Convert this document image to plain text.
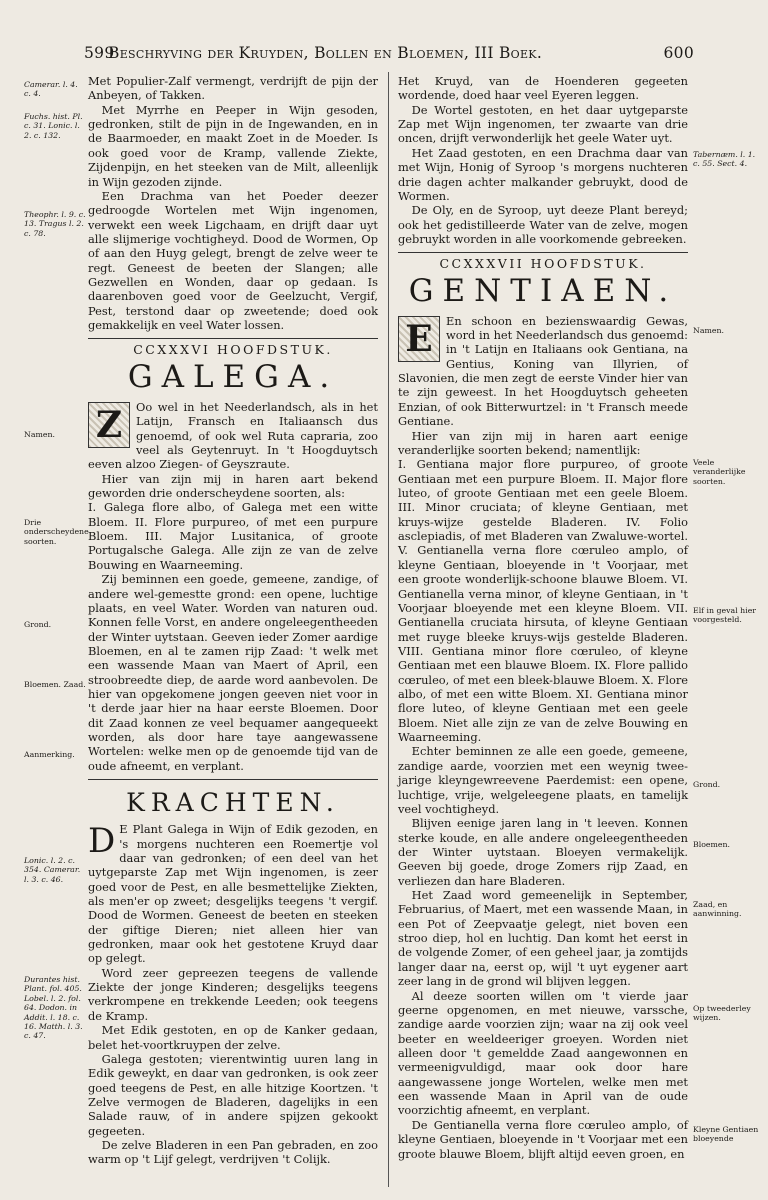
599
Beschryving der Kruyden, Bollen en Bloemen, III Boek.	600

Met Populier-Zalf vermengt, verdrijft de pijn der Anbeyen, of Takken.

Met Myrrhe en Peeper in Wijn gesoden, gedronken, stilt de pijn in de Ingewanden, en in de Baarmoeder, en maakt Zoet in de Moeder. Is ook goed voor de Kramp, vallende Ziekte, Zijdenpijn, en het steeken van de Milt, alleenlijk in Wijn gezoden zijnde.

Een Drachma van het Poeder deezer gedroogde Wortelen met Wijn ingenomen, verwekt een week Ligchaam, en drijft daar uyt alle slijmerige vochtigheyd. Dood de Wormen, Op of aan den Huyg gelegt, brengt de zelve weer te regt. Geneest de beeten der Slangen; alle Gezwellen en Wonden, daar op gedaan. Is daarenboven goed voor de Geelzucht, Vergif, Pest, terstond daar op zweetende; doed ook gemakkelijk en veel Water lossen.

CCXXXVI HOOFDSTUK.
GALEGA.

Z	Oo wel in het Neederlandsch, als in het Latijn, Fransch en Italiaansch dus genoemd, of ook wel Ruta capraria, zoo veel als Geytenruyt. In 't Hoogduytsch eeven alzoo Ziegen- of Geyszraute.

Hier van zijn mij in haren aart bekend geworden drie onderscheydene soorten, als:

I. Galega flore albo, of Galega met een witte Bloem. II. Flore purpureo, of met een purpure Bloem. III. Major Lusitanica, of groote Portugalsche Galega. Alle zijn ze van de zelve Bouwing en Waarneeming.

Zij beminnen een goede, gemeene, zandige, of andere wel-gemestte grond: een opene, luchtige plaats, en veel Water. Worden van naturen oud. Konnen felle Vorst, en andere ongeleegentheeden der Winter uytstaan. Geeven ieder Zomer aardige Bloemen, en al te zamen rijp Zaad: 't welk met een wassende Maan van Maert of April, een stroobreedte diep, de aarde word aanbevolen. De hier van opgekomene jongen geeven niet voor in 't derde jaar hier na haar eerste Bloemen. Door dit Zaad konnen ze veel bequamer aangequeekt worden, als door hare taye aangewassene Wortelen: welke men op de genoemde tijd van de oude afneemt, en verplant.

KRACHTEN.

D E Plant Galega in Wijn of Edik gezoden, en 's morgens nuchteren een Roemertje vol daar van gedronken; of een deel van het uytgeparste Zap met Wijn ingenomen, is zeer goed voor de Pest, en alle besmettelijke Ziekten, als men'er op zweet; desgelijks teegens 't vergif. Dood de Wormen. Geneest de beeten en steeken der giftige Dieren; niet alleen hier van gedronken, maar ook het gestotene Kruyd daar op gelegt.

Word zeer gepreezen teegens de vallende Ziekte der jonge Kinderen; desgelijks teegens verkrompene en trekkende Leeden; ook teegens de Kramp.

Met Edik gestoten, en op de Kanker gedaan, belet het-voortkruypen der zelve.

Galega gestoten; vierentwintig uuren lang in Edik geweykt, en daar van gedronken, is ook zeer goed teegens de Pest, en alle hitzige Koortzen. 't Zelve vermogen de Bladeren, dagelijks in een Salade rauw, of in andere spijzen gekookt gegeeten.

De zelve Bladeren in een Pan gebraden, en zoo warm op 't Lijf gelegt, verdrijven 't Colijk.

Het Kruyd, van de Hoenderen gegeeten wordende, doed haar veel Eyeren leggen.

De Wortel gestoten, en het daar uytgeparste Zap met Wijn ingenomen, ter zwaarte van drie oncen, drijft verwonderlijk het geele Water uyt.

Het Zaad gestoten, en een Drachma daar van met Wijn, Honig of Syroop 's morgens nuchteren drie dagen achter malkander gebruykt, dood de Wormen.

De Oly, en de Syroop, uyt deeze Plant bereyd; ook het gedistilleerde Water van de zelve, mogen gebruykt worden in alle voorkomende gebreeken.

CCXXXVII HOOFDSTUK.
GENTIAEN.

E	En schoon en bezienswaardig Gewas, word in het Neederlandsch dus genoemd: in 't Latijn en Italiaans ook Gentiana, na Gentius, Koning van Illyrien, of Slavonien, die men zegt de eerste Vinder hier van te zijn geweest. In het Hoogduytsch geheeten Enzian, of ook Bitterwurtzel: in 't Fransch meede Gentiane.

Hier van zijn mij in haren aart eenige veranderlijke soorten bekend; namentlijk:

I. Gentiana major flore purpureo, of groote Gentiaan met een purpure Bloem. II. Major flore luteo, of groote Gentiaan met een geele Bloem. III. Minor cruciata; of kleyne Gentiaan, met kruys-wijze gestelde Bladeren. IV. Folio asclepiadis, of met Bladeren van Zwaluwe-wortel. V. Gentianella verna flore cœruleo amplo, of kleyne Gentiaan, bloeyende in 't Voorjaar, met een groote wonderlijk-schoone blauwe Bloem. VI. Gentianella verna minor, of kleyne Gentiaan, in 't Voorjaar bloeyende met een kleyne Bloem. VII. Gentianella cruciata hirsuta, of kleyne Gentiaan met ruyge bleeke kruys-wijs gestelde Bladeren. VIII. Gentiana minor flore cœruleo, of kleyne Gentiaan met een blauwe Bloem. IX. Flore pallido cœruleo, of met een bleek-blauwe Bloem. X. Flore albo, of met een witte Bloem. XI. Gentiana minor flore luteo, of kleyne Gentiaan met een geele Bloem. Niet alle zijn ze van de zelve Bouwing en Waarneeming.

Echter beminnen ze alle een goede, gemeene, zandige aarde, voorzien met een weynig twee-jarige kleyngewreevene Paerdemist: een opene, luchtige, vrije, welgeleegene plaats, en tamelijk veel vochtigheyd.

Blijven eenige jaren lang in 't leeven. Konnen sterke koude, en alle andere ongeleegentheeden der Winter uytstaan. Bloeyen vermakelijk. Geeven bij goede, droge Zomers rijp Zaad, en verliezen dan hare Bladeren.

Het Zaad word gemeenelijk in September, Februarius, of Maert, met een wassende Maan, in een Pot of Zeepvaatje gelegt, niet boven een stroo diep, hol en luchtig. Dan komt het eerst in de volgende Zomer, of een geheel jaar, ja zomtijds langer daar na, eerst op, wijl 't uyt eygener aart zeer lang in de grond wil blijven leggen.

Al deeze soorten willen om 't vierde jaar geerne opgenomen, en met nieuwe, varssche, zandige aarde voorzien zijn; waar na zij ook veel beeter en weeldeeriger groeyen. Worden niet alleen door 't gemeldde Zaad aangewonnen en vermeenigvuldigd, maar ook door hare aangewassene jonge Wortelen, welke men met een wassende Maan in April van de oude voorzichtig afneemt, en verplant.

De Gentianella verna flore cœruleo amplo, of kleyne Gentiaen, bloeyende in 't Voorjaar met een groote blauwe Bloem, blijft altijd eeven groen, en

Camerar. l. 4. c. 4.
Fuchs. hist. Pl. c. 31. Lonic. l. 2. c. 132.
Theophr. l. 9. c. 13. Tragus l. 2. c. 78.
Namen.
Drie onderscheydene soorten.
Grond.
Bloemen. Zaad.
Aanmerking.
Lonic. l. 2. c. 354. Camerar. l. 3. c. 46.
Durantes hist. Plant. fol. 405. Lobel. l. 2. fol. 64. Dodon. in Addit. l. 18. c. 16. Matth. l. 3. c. 47.
Tabernæm. l. 1. c. 55. Sect. 4.
Namen.
Veele veranderlijke soorten.
Elf in geval hier voorgesteld.
Grond.
Bloemen.
Zaad, en aanwinning.
Op tweederley wijzen.
Kleyne Gentiaen bloeyende
